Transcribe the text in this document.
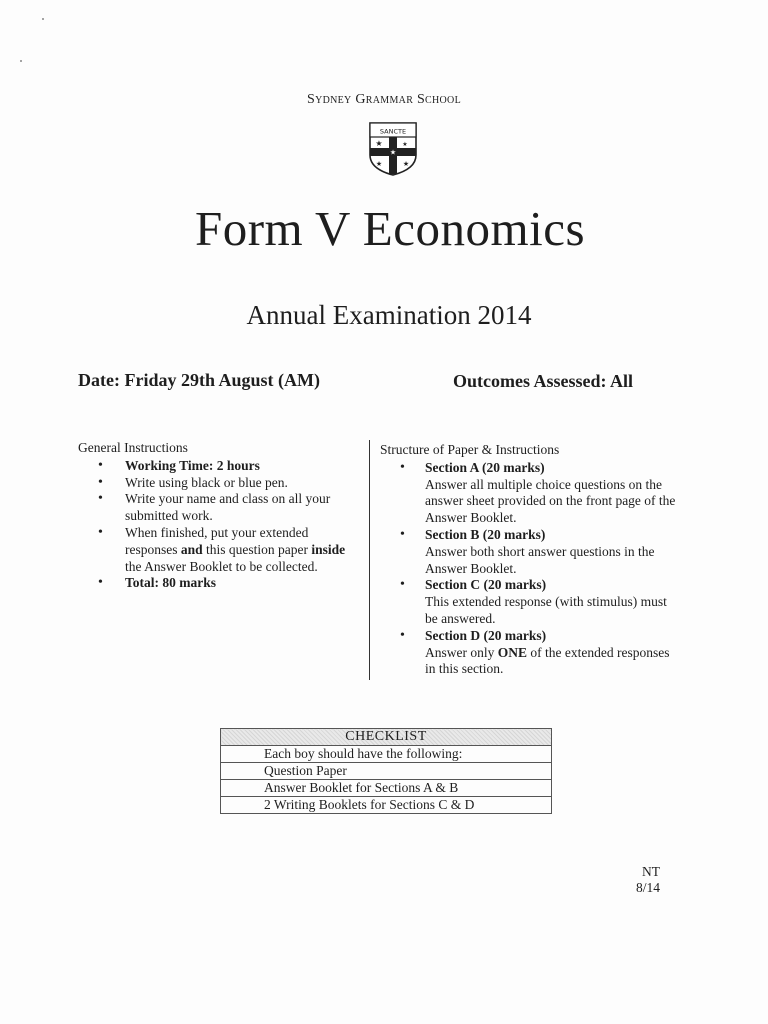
Sydney Grammar School
SANCTE
★
★
★
★	★
Form V Economics
Annual Examination 2014
Date: Friday 29th August (AM)	Outcomes Assessed: All
General Instructions
• Working Time: 2 hours
• Write using black or blue pen.
• Write your name and class on all your submitted work.
• When finished, put your extended responses and this question paper inside the Answer Booklet to be collected.
• Total: 80 marks
Structure of Paper & Instructions
• Section A (20 marks)
Answer all multiple choice questions on the answer sheet provided on the front page of the Answer Booklet.
• Section B (20 marks)
Answer both short answer questions in the Answer Booklet.
• Section C (20 marks)
This extended response (with stimulus) must be answered.
• Section D (20 marks)
Answer only ONE of the extended responses in this section.
CHECKLIST
Each boy should have the following:
Question Paper
Answer Booklet for Sections A & B
2 Writing Booklets for Sections C & D
NT
8/14
